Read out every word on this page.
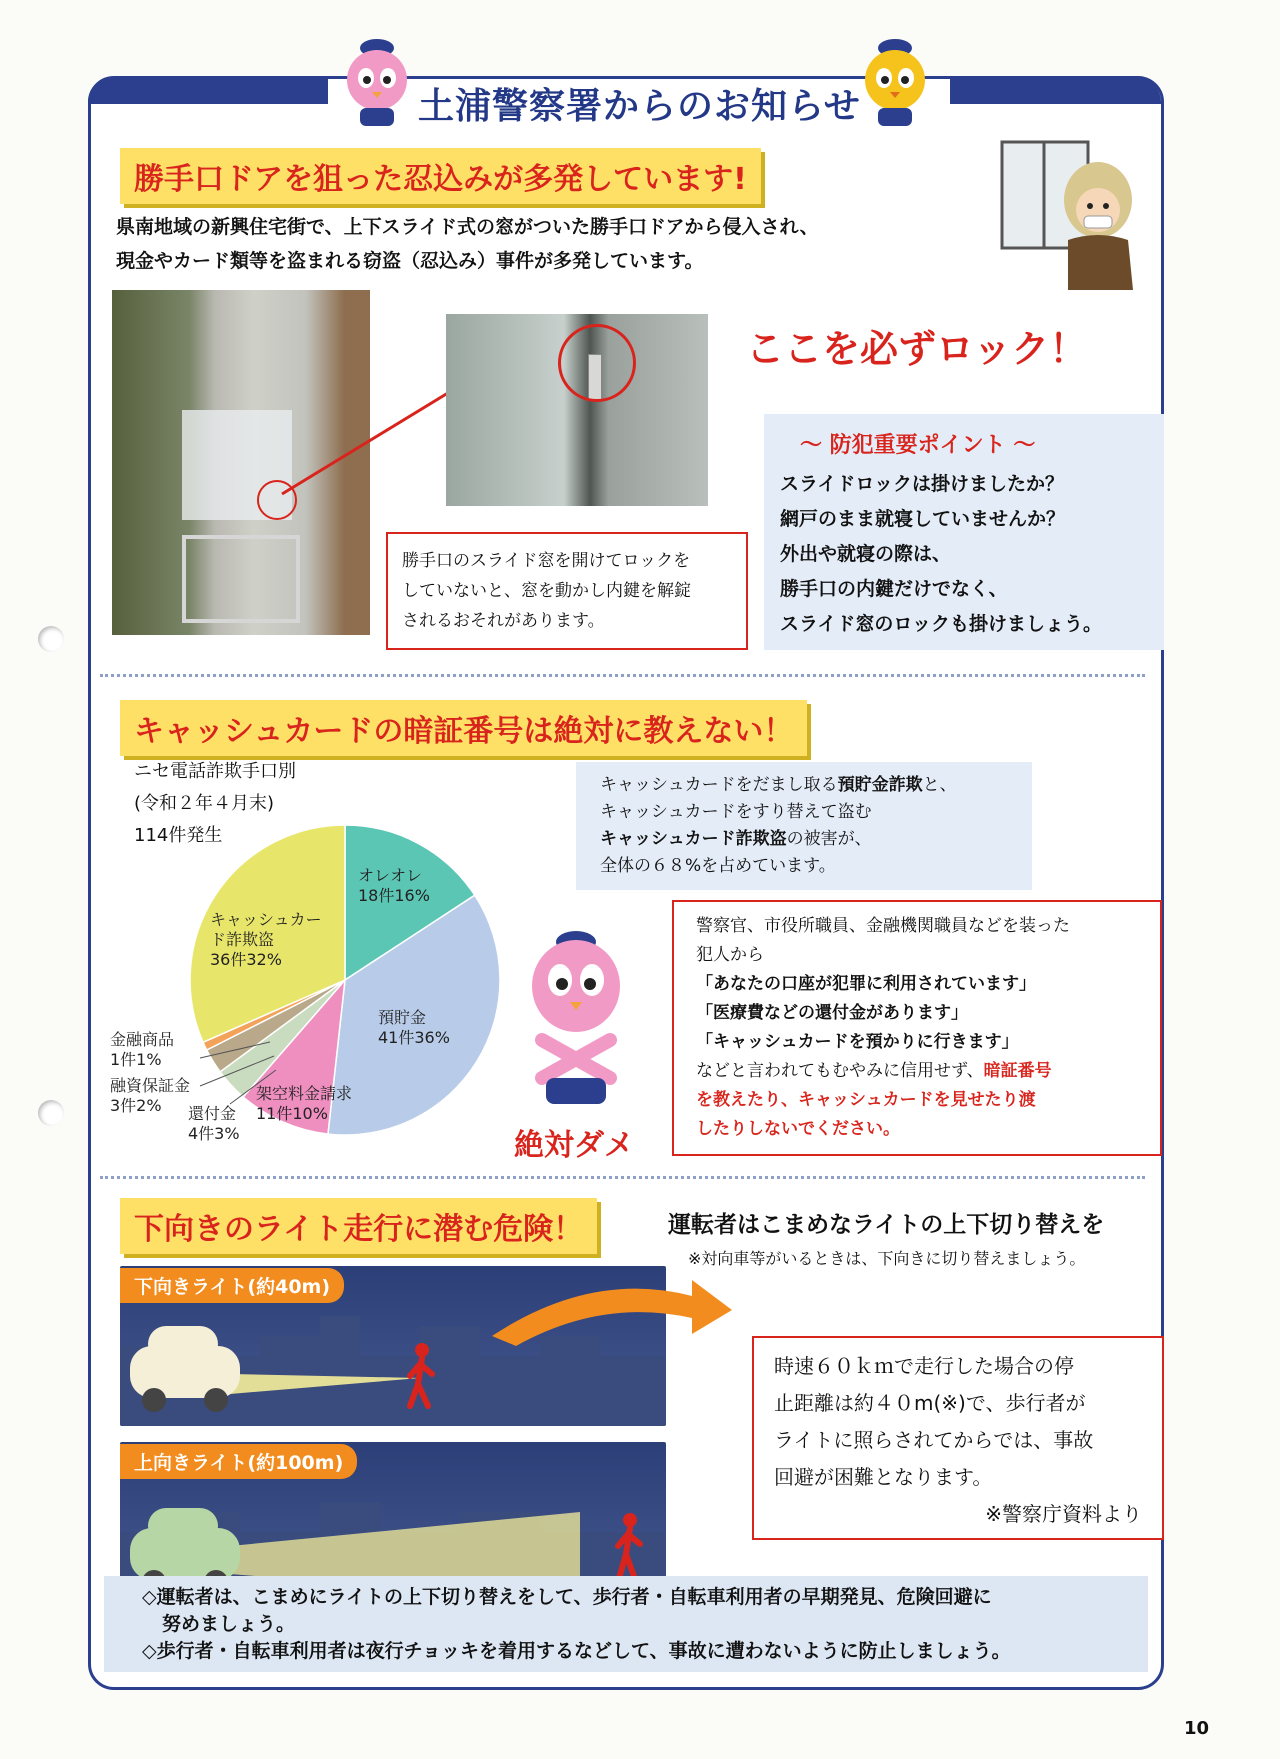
土浦警察署からのお知らせ
勝手口ドアを狙った忍込みが多発しています!
県南地域の新興住宅街で、上下スライド式の窓がついた勝手口ドアから侵入され、
現金やカード類等を盗まれる窃盗（忍込み）事件が多発しています。
ここを必ずロック！
勝手口のスライド窓を開けてロックを
していないと、窓を動かし内鍵を解錠
されるおそれがあります。
～ 防犯重要ポイント ～
スライドロックは掛けましたか？
網戸のまま就寝していませんか？
外出や就寝の際は、
勝手口の内鍵だけでなく、
スライド窓のロックも掛けましょう。
キャッシュカードの暗証番号は絶対に教えない！
ニセ電話詐欺手口別
(令和２年４月末)
114件発生
オレオレ
18件16%
預貯金
41件36%
架空料金請求
11件10%
還付金
4件3%
融資保証金
3件2%
金融商品
1件1%
キャッシュカード詐欺盗
36件32%
キャッシュカードをだまし取る預貯金詐欺と、
キャッシュカードをすり替えて盗む
キャッシュカード詐欺盗の被害が、
全体の６８%を占めています。
絶対ダメ
警察官、市役所職員、金融機関職員などを装った
犯人から
「あなたの口座が犯罪に利用されています」
「医療費などの還付金があります」
「キャッシュカードを預かりに行きます」
などと言われてもむやみに信用せず、暗証番号
を教えたり、キャッシュカードを見せたり渡
したりしないでください。
下向きのライト走行に潜む危険！	運転者はこまめなライトの上下切り替えを
※対向車等がいるときは、下向きに切り替えましょう。
下向きライト(約40m)
上向きライト(約100m)
時速６０ｋｍで走行した場合の停
止距離は約４０m(※)で、歩行者が
ライトに照らされてからでは、事故
回避が困難となります。
※警察庁資料より
◇運転者は、こまめにライトの上下切り替えをして、歩行者・自転車利用者の早期発見、危険回避に
努めましょう。
◇歩行者・自転車利用者は夜行チョッキを着用するなどして、事故に遭わないように防止しましょう。
10
